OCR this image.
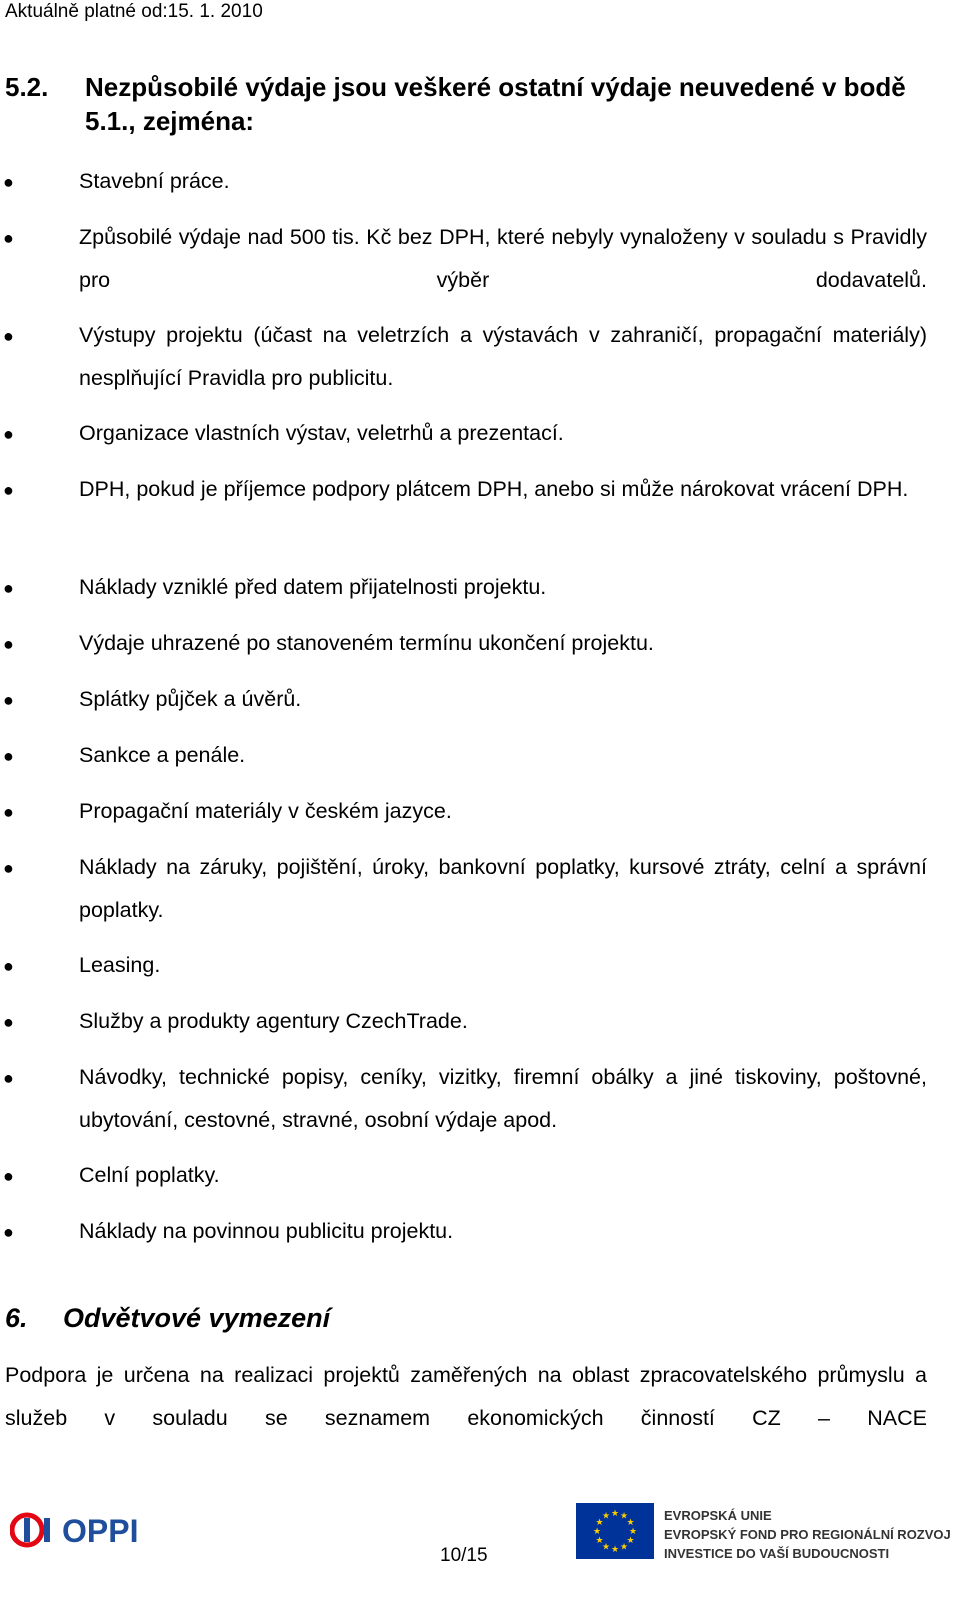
Aktuálně platné od:15. 1. 2010
5.2. Nezpůsobilé výdaje jsou veškeré ostatní výdaje neuvedené v bodě 5.1., zejména:
●	Stavební práce.
●	Způsobilé výdaje nad 500 tis. Kč bez DPH, které nebyly vynaloženy v souladu s Pravidly pro výběr dodavatelů.
●	Výstupy projektu (účast na veletrzích a výstavách v zahraničí, propagační materiály) nesplňující Pravidla pro publicitu.
●	Organizace vlastních výstav, veletrhů a prezentací.
●	DPH, pokud je příjemce podpory plátcem DPH, anebo si může nárokovat vrácení DPH.
●	Náklady vzniklé před datem přijatelnosti projektu.
●	Výdaje uhrazené po stanoveném termínu ukončení projektu.
●	Splátky půjček a úvěrů.
●	Sankce a penále.
●	Propagační materiály v českém jazyce.
●	Náklady na záruky, pojištění, úroky, bankovní poplatky, kursové ztráty, celní a správní poplatky.
●	Leasing.
●	Služby a produkty agentury CzechTrade.
●	Návodky, technické popisy, ceníky, vizitky, firemní obálky a jiné tiskoviny, poštovné, ubytování, cestovné, stravné, osobní výdaje apod.
●	Celní poplatky.
●	Náklady na povinnou publicitu projektu.
6. Odvětvové vymezení
Podpora je určena na realizaci projektů zaměřených na oblast zpracovatelského průmyslu a služeb v souladu se seznamem ekonomických činností CZ – NACE
OPPI
10/15
★ ★
★
★
★
★
★
★
★
★
★
★	EVROPSKÁ UNIE
EVROPSKÝ FOND PRO REGIONÁLNÍ ROZVOJ
INVESTICE DO VAŠÍ BUDOUCNOSTI
